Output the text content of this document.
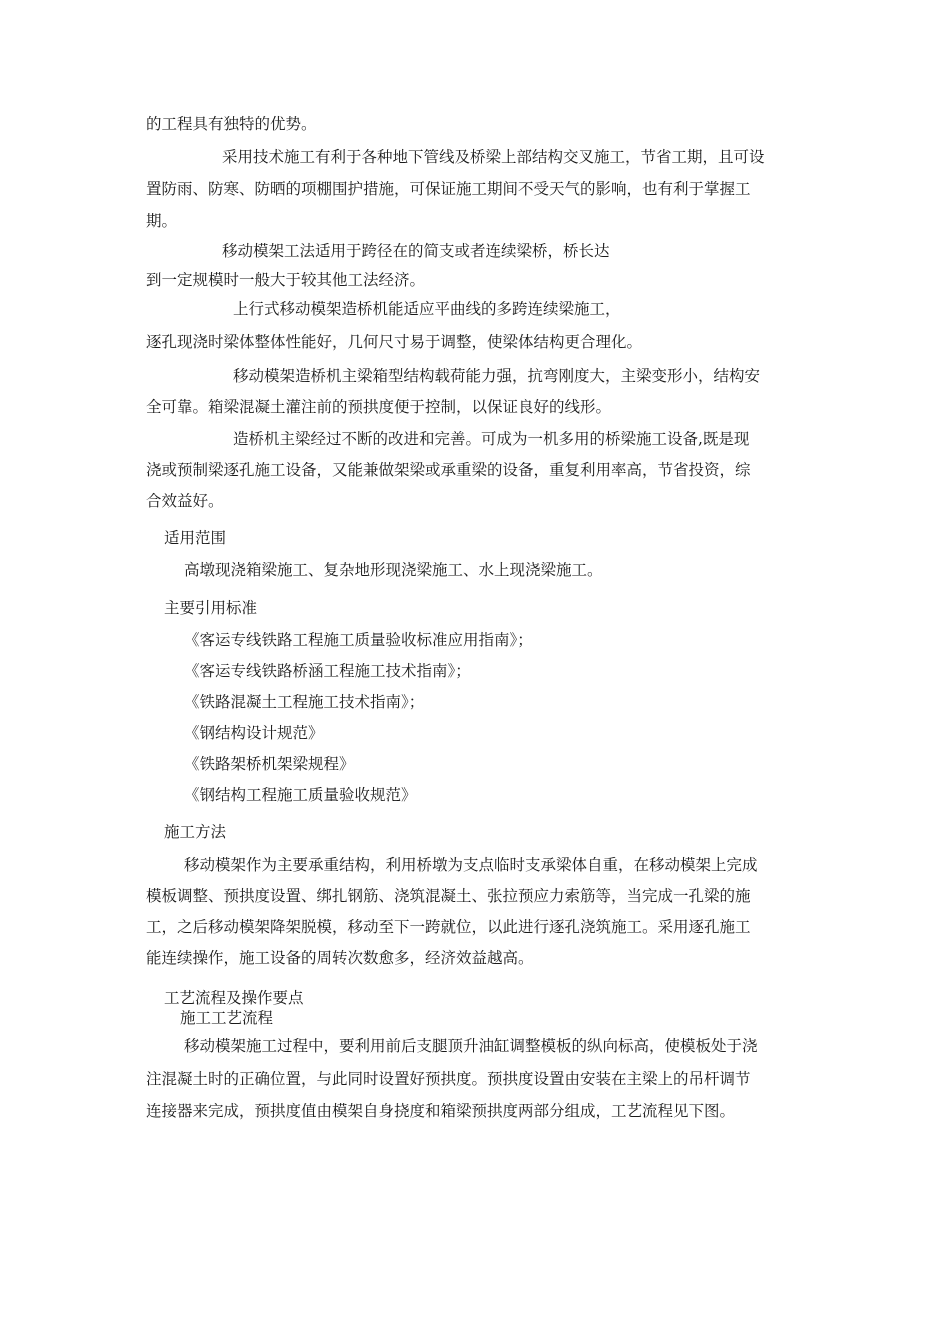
的工程具有独特的优势。
采用技术施工有利于各种地下管线及桥梁上部结构交叉施工，节省工期，且可设
置防雨、防寒、防晒的项棚围护措施，可保证施工期间不受天气的影响，也有利于掌握工
期。
移动模架工法适用于跨径在的简支或者连续梁桥，桥长达
到一定规模时一般大于较其他工法经济。
上行式移动模架造桥机能适应平曲线的多跨连续梁施工，
逐孔现浇时梁体整体性能好，几何尺寸易于调整，使梁体结构更合理化。
移动模架造桥机主梁箱型结构载荷能力强，抗弯刚度大，主梁变形小，结构安
全可靠。箱梁混凝土灌注前的预拱度便于控制，以保证良好的线形。
造桥机主梁经过不断的改进和完善。可成为一机多用的桥梁施工设备,既是现
浇或预制梁逐孔施工设备，又能兼做架梁或承重梁的设备，重复利用率高，节省投资，综
合效益好。
适用范围
高墩现浇箱梁施工、复杂地形现浇梁施工、水上现浇梁施工。
主要引用标准
《客运专线铁路工程施工质量验收标准应用指南》；
《客运专线铁路桥涵工程施工技术指南》；
《铁路混凝土工程施工技术指南》；
《钢结构设计规范》
《铁路架桥机架梁规程》
《钢结构工程施工质量验收规范》
施工方法
移动模架作为主要承重结构，利用桥墩为支点临时支承梁体自重，在移动模架上完成
模板调整、预拱度设置、绑扎钢筋、浇筑混凝土、张拉预应力索筋等，当完成一孔梁的施
工，之后移动模架降架脱模，移动至下一跨就位，以此进行逐孔浇筑施工。采用逐孔施工
能连续操作，施工设备的周转次数愈多，经济效益越高。
工艺流程及操作要点
施工工艺流程
移动模架施工过程中，要利用前后支腿顶升油缸调整模板的纵向标高，使模板处于浇
注混凝土时的正确位置，与此同时设置好预拱度。预拱度设置由安装在主梁上的吊杆调节
连接器来完成，预拱度值由模架自身挠度和箱梁预拱度两部分组成，工艺流程见下图。
